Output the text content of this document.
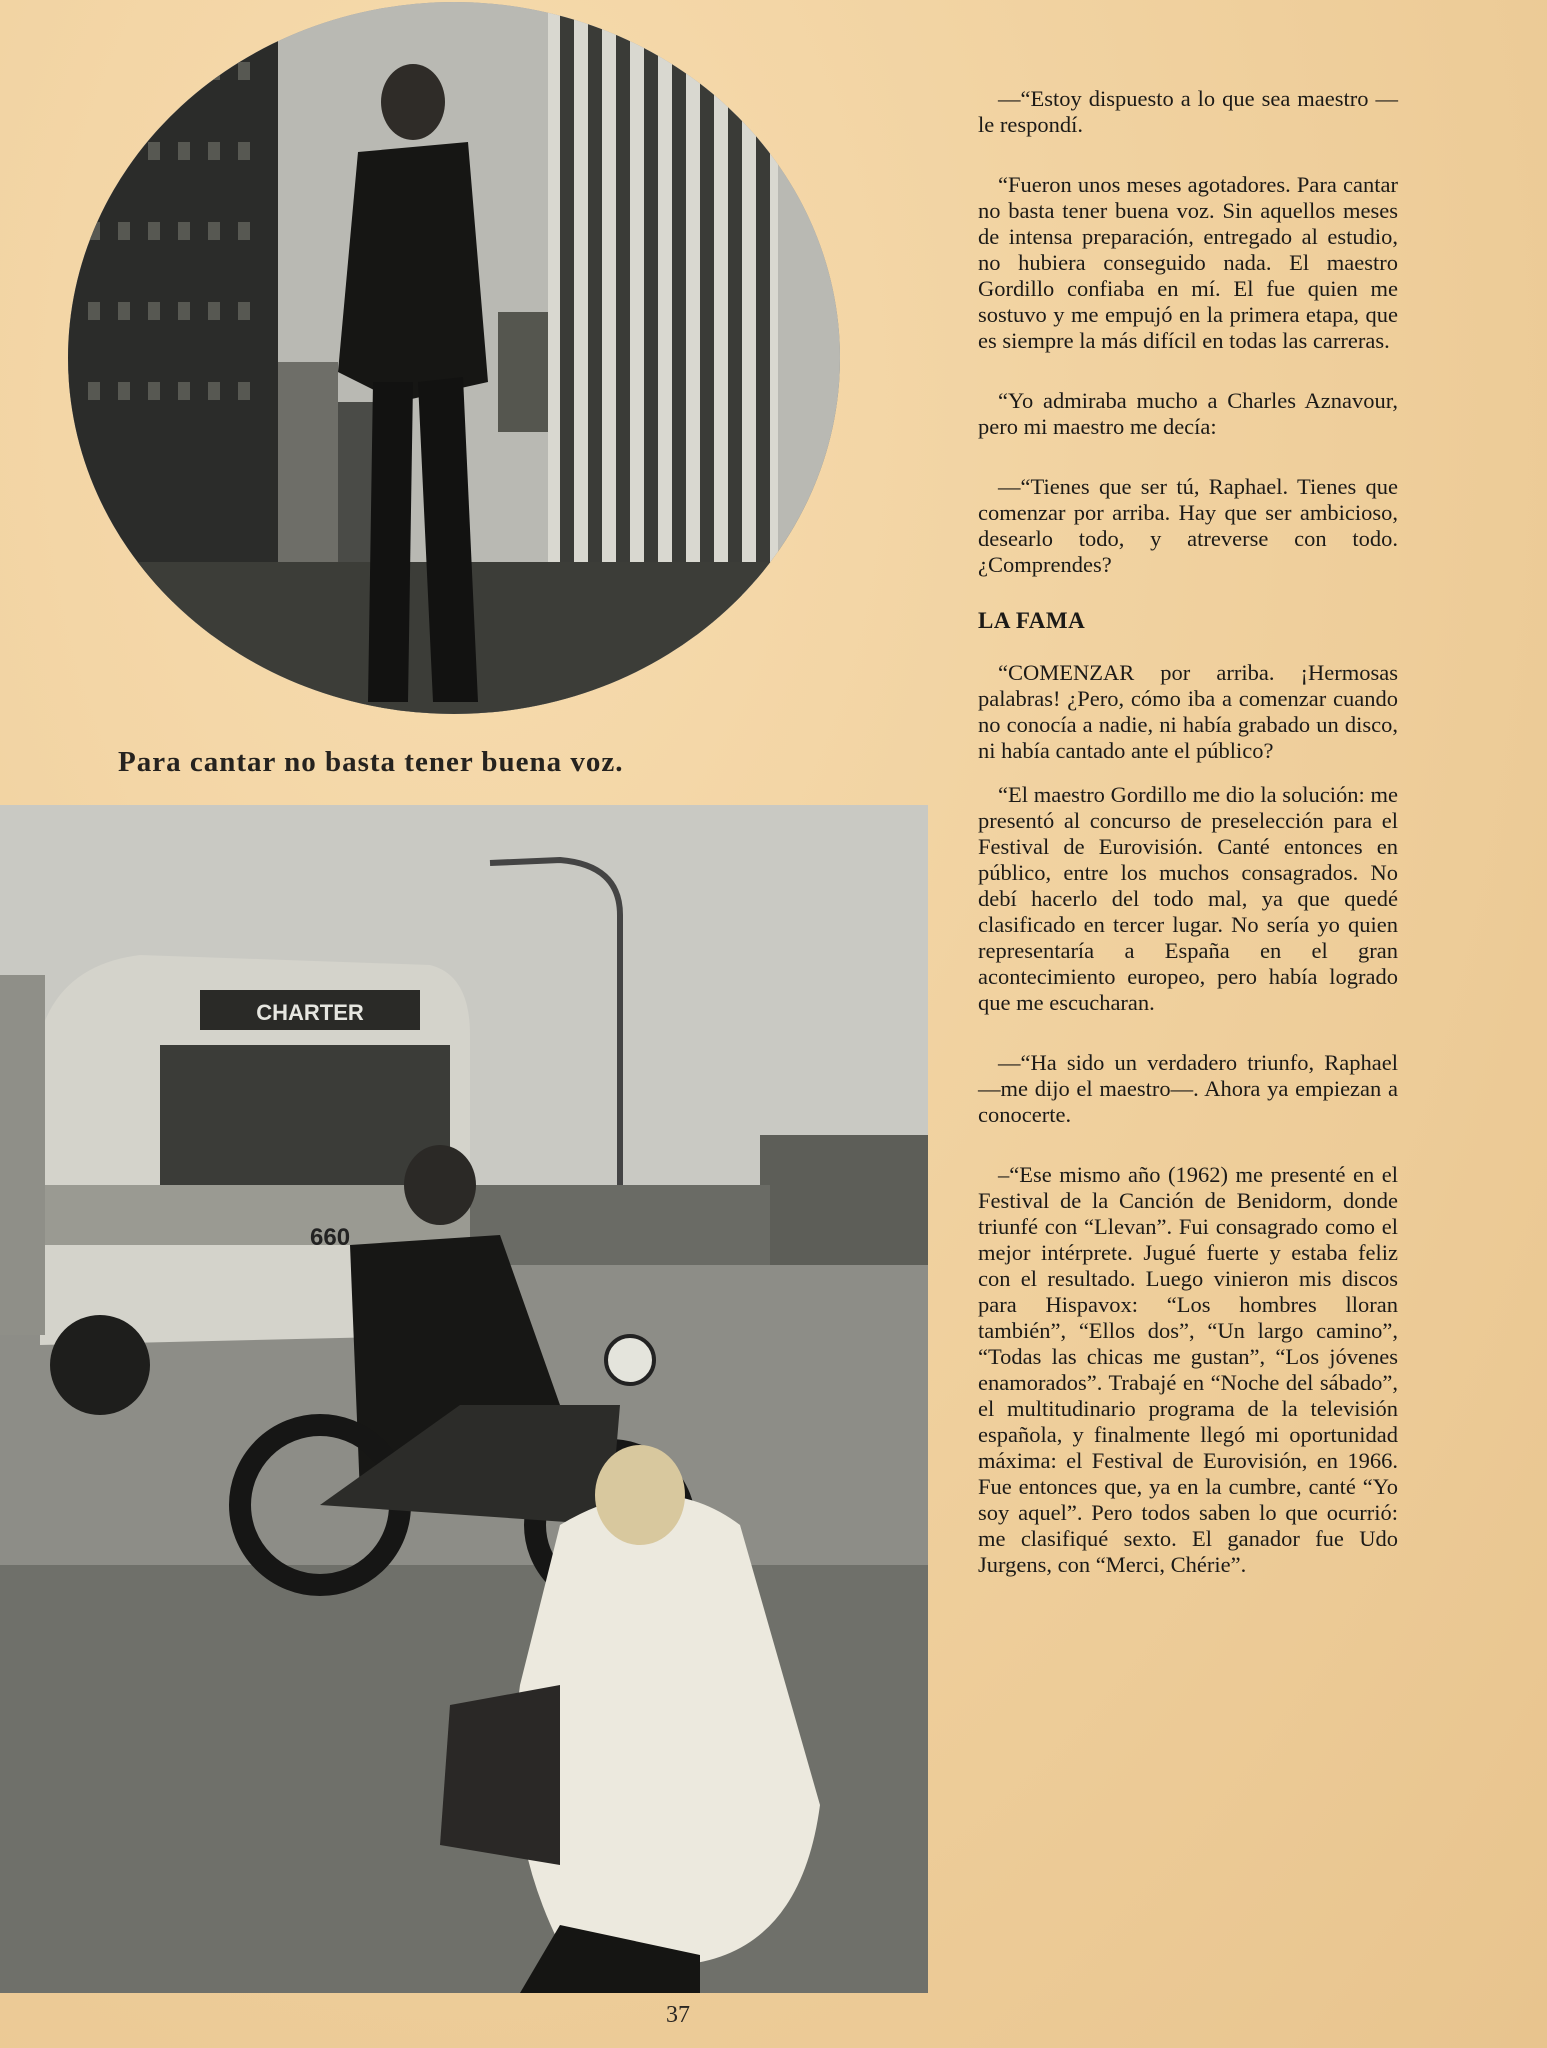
Para cantar no basta tener buena voz.
CHARTER
660

—“Estoy dispuesto a lo que sea maestro —le respondí.

“Fueron unos meses agotadores. Para cantar no basta tener buena voz. Sin aquellos meses de intensa preparación, entregado al estudio, no hubiera conseguido nada. El maestro Gordillo confiaba en mí. El fue quien me sostuvo y me empujó en la primera etapa, que es siempre la más difícil en todas las carreras.

“Yo admiraba mucho a Charles Aznavour, pero mi maestro me decía:

—“Tienes que ser tú, Raphael. Tienes que comenzar por arriba. Hay que ser ambicioso, desearlo todo, y atreverse con todo. ¿Comprendes?

LA FAMA

“COMENZAR por arriba. ¡Hermosas palabras! ¿Pero, cómo iba a comenzar cuando no conocía a nadie, ni había grabado un disco, ni había cantado ante el público?

“El maestro Gordillo me dio la solución: me presentó al concurso de preselección para el Festival de Eurovisión. Canté entonces en público, entre los muchos consagrados. No debí hacerlo del todo mal, ya que quedé clasificado en tercer lugar. No sería yo quien representaría a España en el gran acontecimiento europeo, pero había logrado que me escucharan.

—“Ha sido un verdadero triunfo, Raphael —me dijo el maestro—. Ahora ya empiezan a conocerte.

–“Ese mismo año (1962) me presenté en el Festival de la Canción de Benidorm, donde triunfé con “Llevan”. Fui consagrado como el mejor intérprete. Jugué fuerte y estaba feliz con el resultado. Luego vinieron mis discos para Hispavox: “Los hombres lloran también”, “Ellos dos”, “Un largo camino”, “Todas las chicas me gustan”, “Los jóvenes enamorados”. Trabajé en “Noche del sábado”, el multitudinario programa de la televisión española, y finalmente llegó mi oportunidad máxima: el Festival de Eurovisión, en 1966. Fue entonces que, ya en la cumbre, canté “Yo soy aquel”. Pero todos saben lo que ocurrió: me clasifiqué sexto. El ganador fue Udo Jurgens, con “Merci, Chérie”.

37
